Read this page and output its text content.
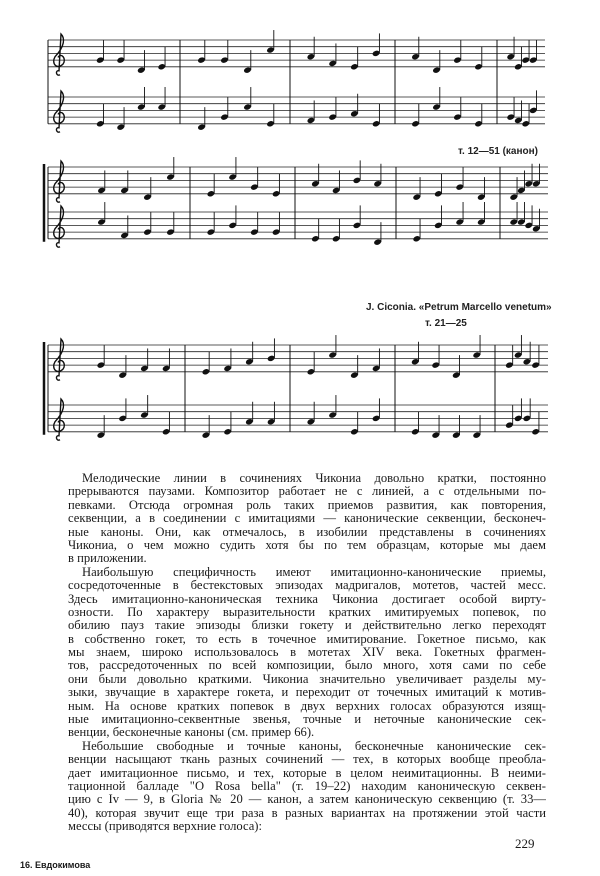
т. 12—51 (канон)
J. Ciconia. «Petrum Marcello venetum»
т. 21—25
Мелодические линии в сочинениях Чикониа довольно кратки, постоянно
прерываются паузами. Композитор работает не с линией, а с отдельными по-
певками. Отсюда огромная роль таких приемов развития, как повторения,
секвенции, а в соединении с имитациями — канонические секвенции, бесконеч-
ные каноны. Они, как отмечалось, в изобилии представлены в сочинениях
Чикониа, о чем можно судить хотя бы по тем образцам, которые мы даем
в приложении.
Наибольшую специфичность имеют имитационно-канонические приемы,
сосредоточенные в бестекстовых эпизодах мадригалов, мотетов, частей месс.
Здесь имитационно-каноническая техника Чикониа достигает особой вирту-
озности. По характеру выразительности кратких имитируемых попевок, по
обилию пауз такие эпизоды близки гокету и действительно легко переходят
в собственно гокет, то есть в точечное имитирование. Гокетное письмо, как
мы знаем, широко использовалось в мотетах XIV века. Гокетных фрагмен-
тов, рассредоточенных по всей композиции, было много, хотя сами по себе
они были довольно краткими. Чикониа значительно увеличивает разделы му-
зыки, звучащие в характере гокета, и переходит от точечных имитаций к мотив-
ным. На основе кратких попевок в двух верхних голосах образуются изящ-
ные имитационно-секвентные звенья, точные и неточные канонические сек-
венции, бесконечные каноны (см. пример 66).
Небольшие свободные и точные каноны, бесконечные канонические сек-
венции насыщают ткань разных сочинений — тех, в которых вообще преобла-
дает имитационное письмо, и тех, которые в целом неимитационны. В неими-
тационной балладе "O Rosa bella" (т. 19–22) находим каноническую секвен-
цию с Iv — 9, в Gloria № 20 — канон, а затем каноническую секвенцию (т. 33—
40), которая звучит еще три раза в разных вариантах на протяжении этой части
мессы (приводятся верхние голоса):
229
16. Евдокимова
